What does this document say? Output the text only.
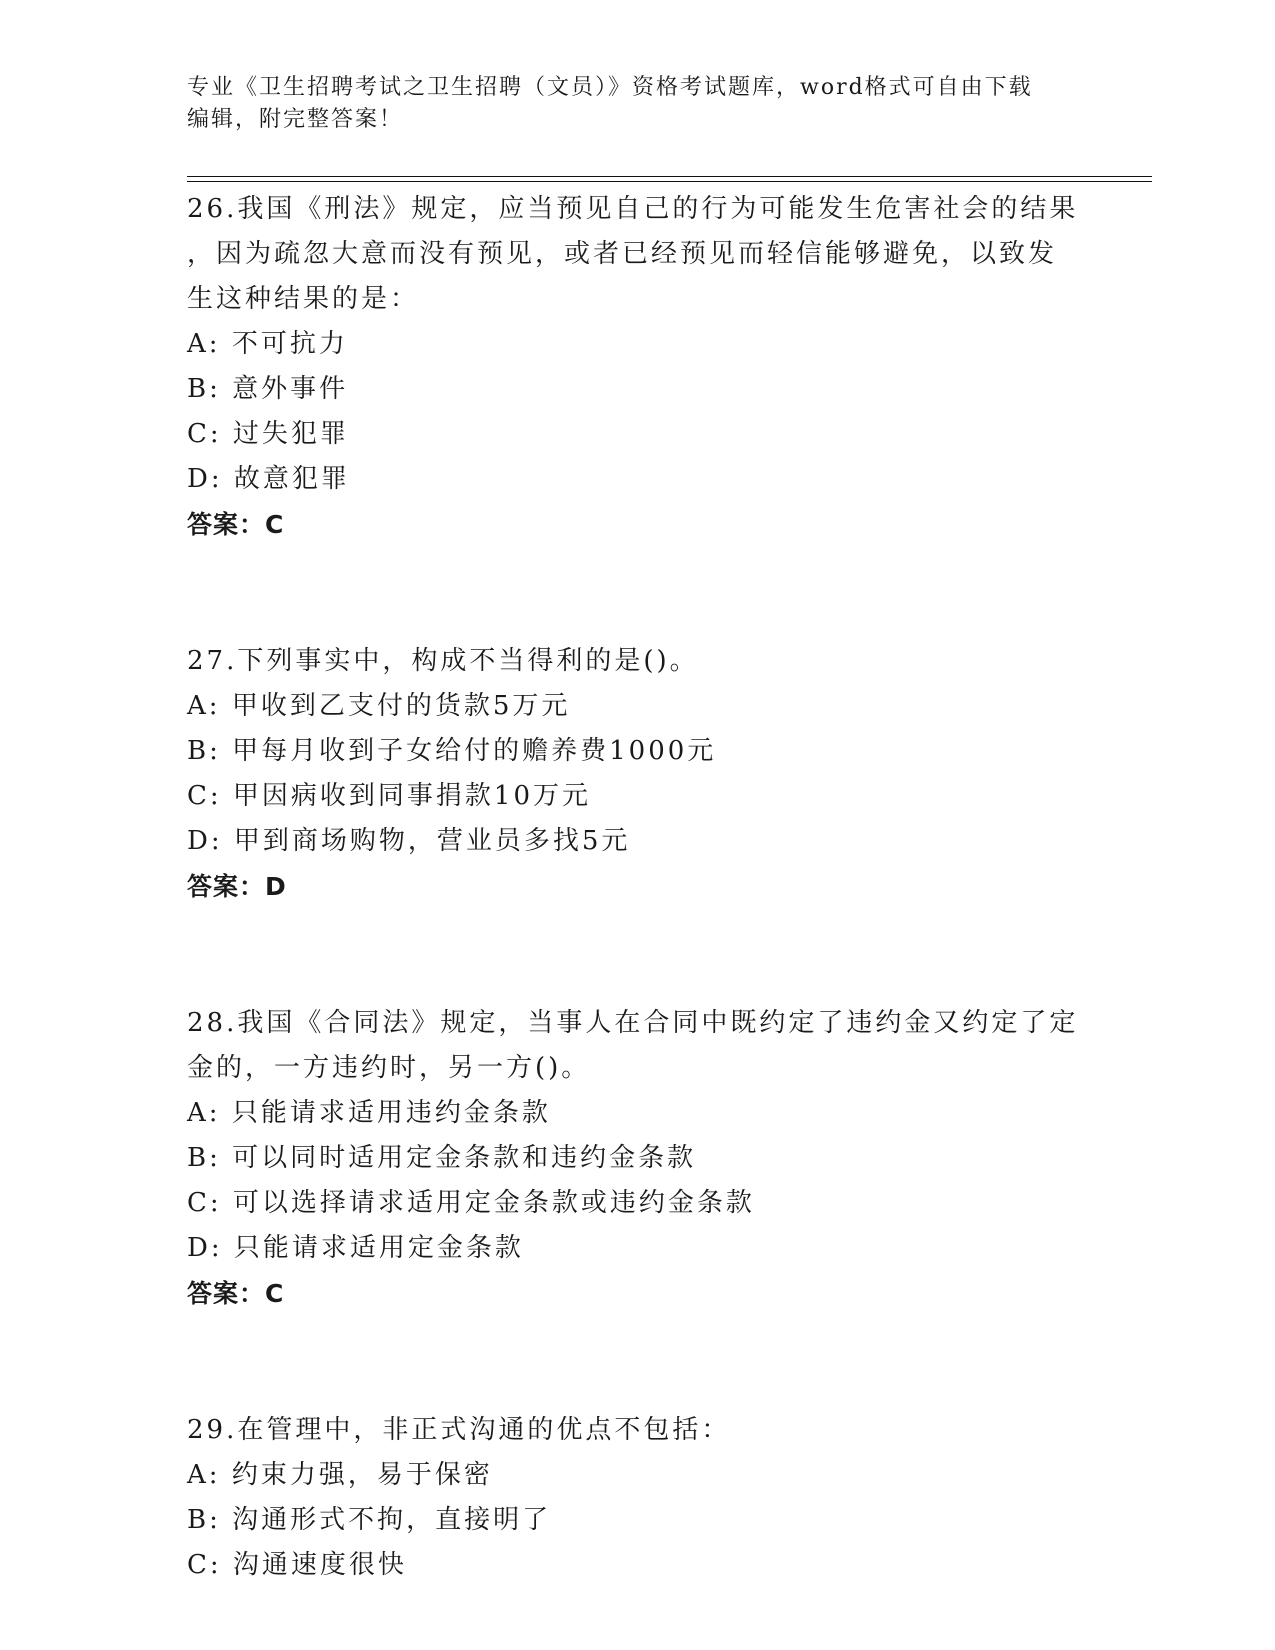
专业《卫生招聘考试之卫生招聘（文员）》资格考试题库，word格式可自由下载
编辑，附完整答案！
26.我国《刑法》规定，应当预见自己的行为可能发生危害社会的结果
，因为疏忽大意而没有预见，或者已经预见而轻信能够避免，以致发
生这种结果的是：
A: 不可抗力
B: 意外事件
C: 过失犯罪
D: 故意犯罪
答案：C
27.下列事实中，构成不当得利的是()。
A: 甲收到乙支付的货款5万元
B: 甲每月收到子女给付的赡养费1000元
C: 甲因病收到同事捐款10万元
D: 甲到商场购物，营业员多找5元
答案：D
28.我国《合同法》规定，当事人在合同中既约定了违约金又约定了定
金的，一方违约时，另一方()。
A: 只能请求适用违约金条款
B: 可以同时适用定金条款和违约金条款
C: 可以选择请求适用定金条款或违约金条款
D: 只能请求适用定金条款
答案：C
29.在管理中，非正式沟通的优点不包括：
A: 约束力强，易于保密
B: 沟通形式不拘，直接明了
C: 沟通速度很快
